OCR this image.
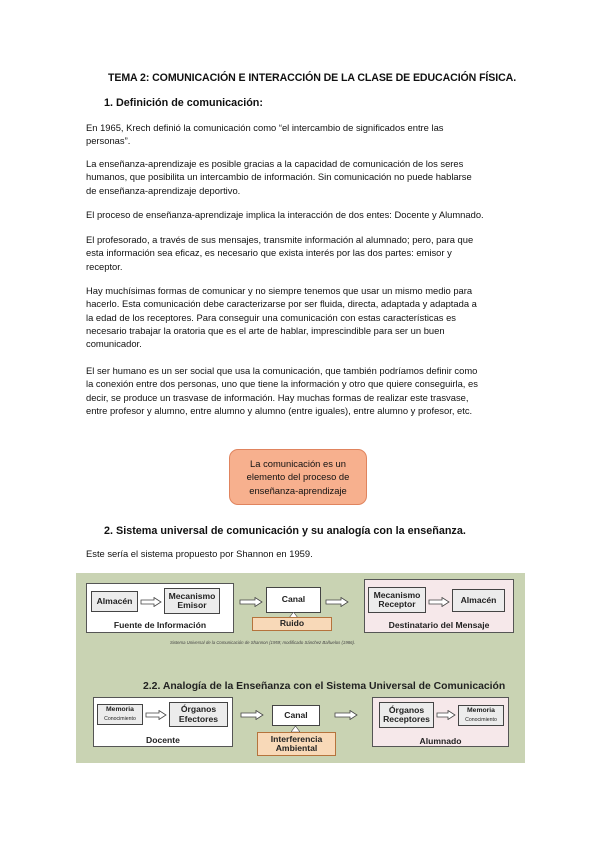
TEMA 2: COMUNICACIÓN E INTERACCIÓN DE LA CLASE DE EDUCACIÓN FÍSICA.
1. Definición de comunicación:
En 1965, Krech definió la comunicación como “el intercambio de significados entre las
personas”.
La enseñanza-aprendizaje es posible gracias a la capacidad de comunicación de los seres
humanos, que posibilita un intercambio de información. Sin comunicación no puede hablarse
de enseñanza-aprendizaje deportivo.
El proceso de enseñanza-aprendizaje implica la interacción de dos entes: Docente y Alumnado.
El profesorado, a través de sus mensajes, transmite información al alumnado; pero, para que
esta información sea eficaz, es necesario que exista interés por las dos partes: emisor y
receptor.
Hay muchísimas formas de comunicar y no siempre tenemos que usar un mismo medio para
hacerlo. Esta comunicación debe caracterizarse por ser fluida, directa, adaptada y adaptada a
la edad de los receptores. Para conseguir una comunicación con estas características es
necesario trabajar la oratoria que es el arte de hablar, imprescindible para ser un buen
comunicador.
El ser humano es un ser social que usa la comunicación, que también podríamos definir como
la conexión entre dos personas, uno que tiene la información y otro que quiere conseguirla, es
decir, se produce un trasvase de información. Hay muchas formas de realizar este trasvase,
entre profesor y alumno, entre alumno y alumno (entre iguales), entre alumno y profesor, etc.
La comunicación es un
elemento del proceso de
enseñanza-aprendizaje
2. Sistema universal de comunicación y su analogía con la enseñanza.
Este sería el sistema propuesto por Shannon en 1959.
Almacén
Mecanismo
Emisor
Fuente de Información
Canal
Ruido
Mecanismo
Receptor	Almacén
Destinatario del Mensaje
Sistema Universal de la Comunicación de Shannon (1959; modificado Sánchez Bañuelos (1986).
2.2. Analogía de la Enseñanza con el Sistema Universal de Comunicación
Memoria
Conocimiento
Órganos
Efectores
Docente
Canal
Interferencia
Ambiental
Órganos
Receptores
Memoria
Conocimiento
Alumnado
